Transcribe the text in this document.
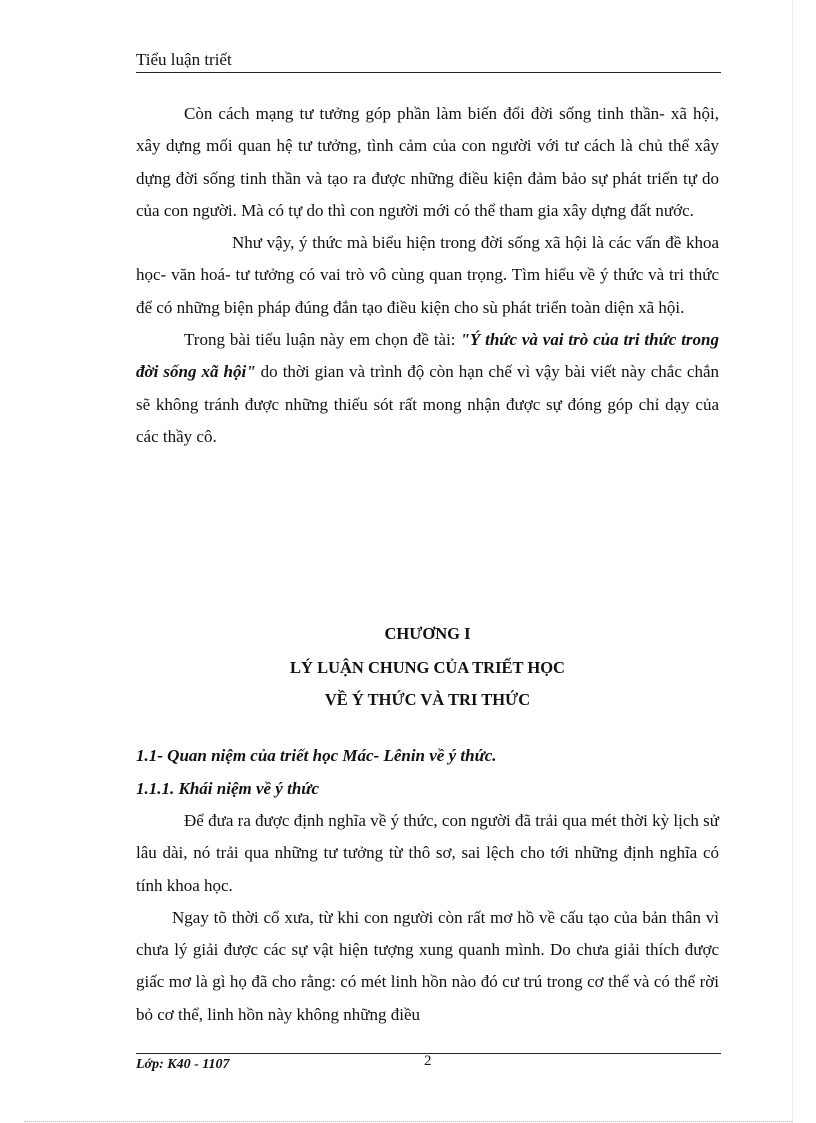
Tiểu luận triết

Còn cách mạng tư tưởng góp phần làm biến đổi đời sống tinh thần- xã hội, xây dựng mối quan hệ tư tưởng, tình cảm của con người với tư cách là chủ thể xây dựng đời sống tinh thần và tạo ra được những điều kiện đảm bảo sự phát triển tự do của con người. Mà có tự do thì con người mới có thể tham gia xây dựng đất nước.

Như vậy, ý thức mà biểu hiện trong đời sống xã hội là các vấn đề khoa học- văn hoá- tư tưởng có vai trò vô cùng quan trọng. Tìm hiểu về ý thức và tri thức để có những biện pháp đúng đắn tạo điều kiện cho sù phát triển toàn diện xã hội.

Trong bài tiểu luận này em chọn đề tài: "Ý thức và vai trò của tri thức trong đời sống xã hội" do thời gian và trình độ còn hạn chế vì vậy bài viết này chắc chắn sẽ không tránh được những thiếu sót rất mong nhận được sự đóng góp chỉ dạy của các thầy cô.

CHƯƠNG I
LÝ LUẬN CHUNG CỦA TRIẾT HỌC
VỀ Ý THỨC VÀ TRI THỨC
1.1- Quan niệm của triết học Mác- Lênin về ý thức.
1.1.1. Khái niệm về ý thức

Để đưa ra được định nghĩa về ý thức, con người đã trải qua mét thời kỳ lịch sử lâu dài, nó trải qua những tư tưởng từ thô sơ, sai lệch cho tới những định nghĩa có tính khoa học.

Ngay tõ thời cổ xưa, từ khi con người còn rất mơ hồ về cấu tạo của bản thân vì chưa lý giải được các sự vật hiện tượng xung quanh mình. Do chưa giải thích được giấc mơ là gì họ đã cho rằng: có mét linh hồn nào đó cư trú trong cơ thể và có thể rời bỏ cơ thể, linh hồn này không những điều

Lớp: K40 - 1107	2
